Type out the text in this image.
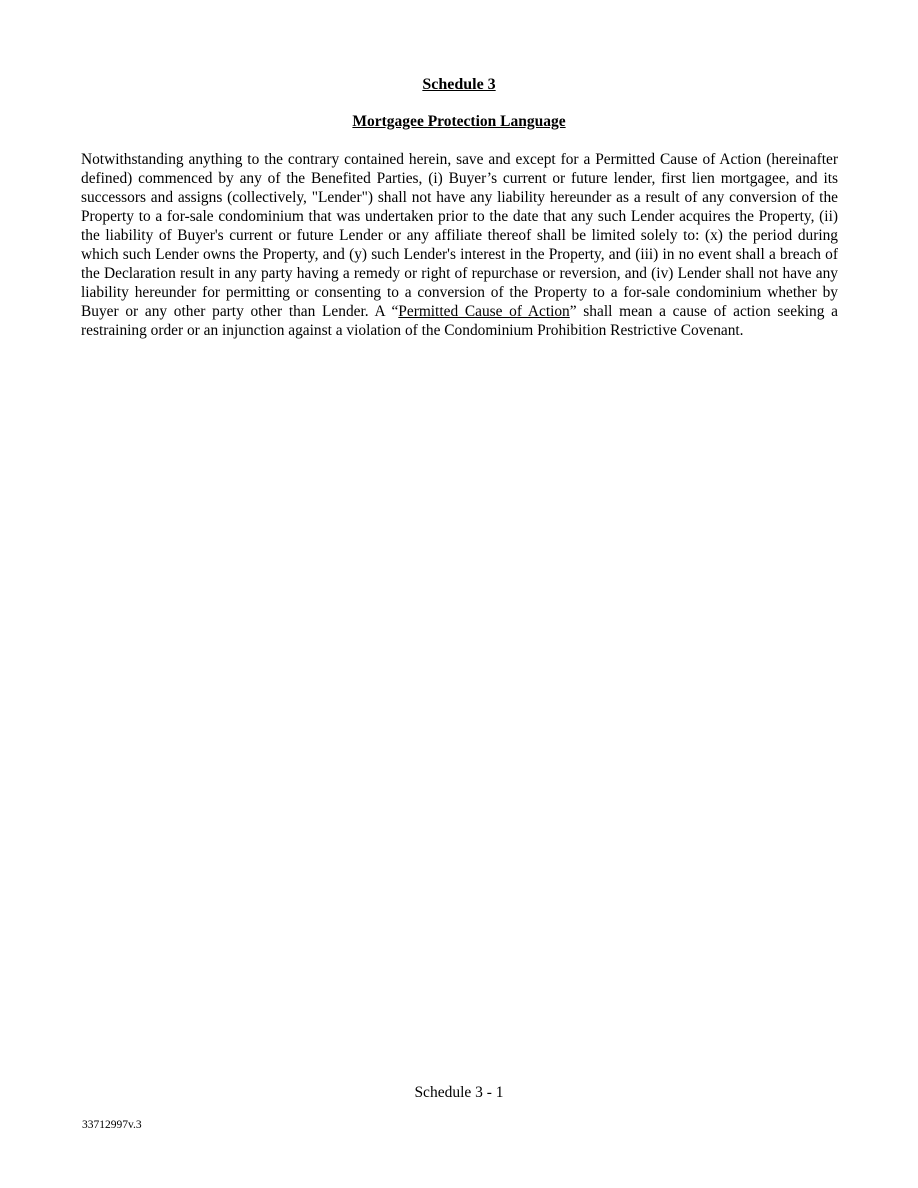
Schedule 3
Mortgagee Protection Language

Notwithstanding anything to the contrary contained herein, save and except for a Permitted Cause of Action (hereinafter defined) commenced by any of the Benefited Parties, (i) Buyer’s current or future lender, first lien mortgagee, and its successors and assigns (collectively, "Lender") shall not have any liability hereunder as a result of any conversion of the Property to a for-sale condominium that was undertaken prior to the date that any such Lender acquires the Property, (ii) the liability of Buyer's current or future Lender or any affiliate thereof shall be limited solely to: (x) the period during which such Lender owns the Property, and (y) such Lender's interest in the Property, and (iii) in no event shall a breach of the Declaration result in any party having a remedy or right of repurchase or reversion, and (iv) Lender shall not have any liability hereunder for permitting or consenting to a conversion of the Property to a for-sale condominium whether by Buyer or any other party other than Lender. A “Permitted Cause of Action” shall mean a cause of action seeking a restraining order or an injunction against a violation of the Condominium Prohibition Restrictive Covenant.

Schedule 3 - 1
33712997v.3
